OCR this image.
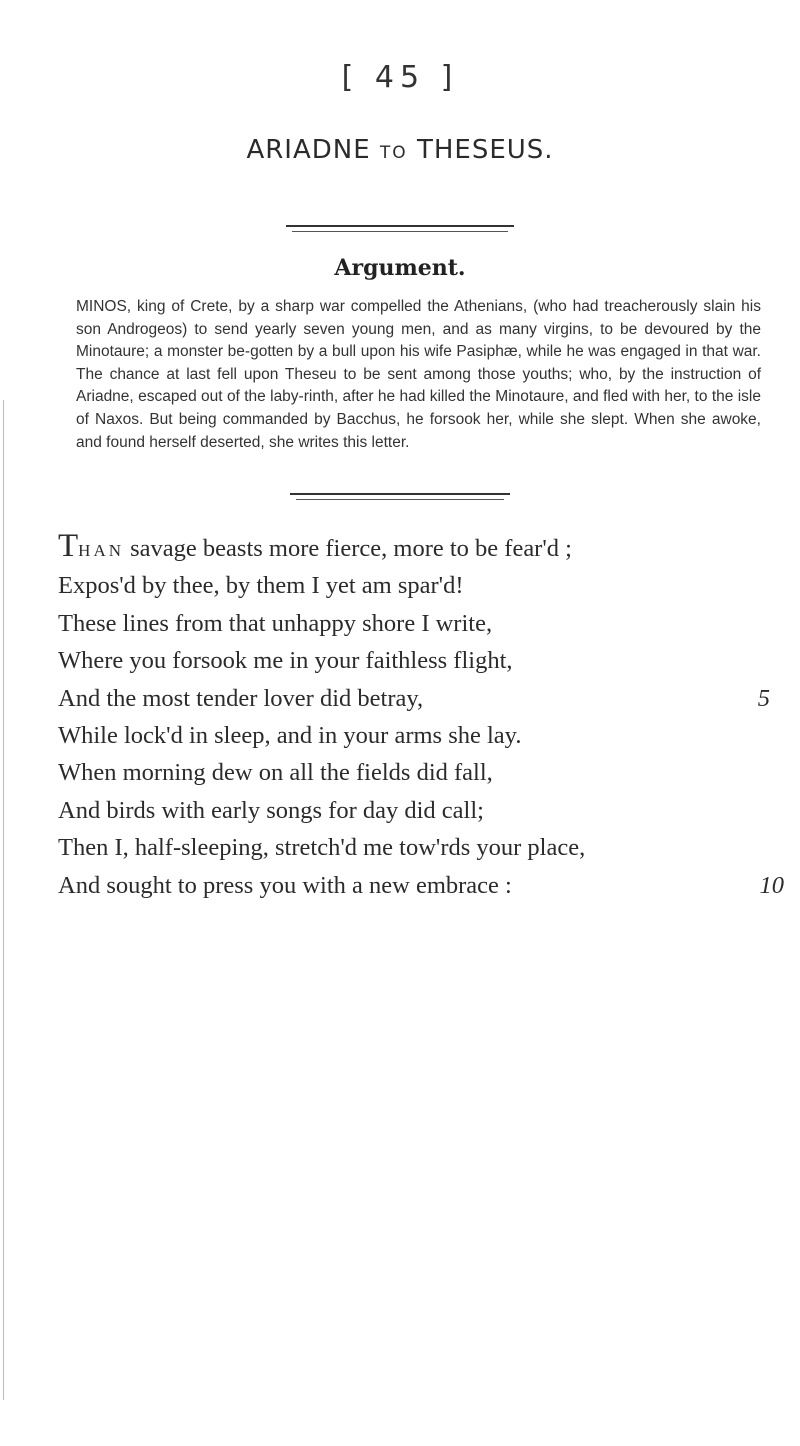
[ 45 ]
ARIADNE TO THESEUS.
Argument.
MINOS, king of Crete, by a sharp war compelled the Athenians, (who had treacherously slain his son Androgeos) to send yearly seven young men, and as many virgins, to be devoured by the Minotaure; a monster be-gotten by a bull upon his wife Pasiphæ, while he was engaged in that war. The chance at last fell upon Theseu to be sent among those youths; who, by the instruction of Ariadne, escaped out of the laby-rinth, after he had killed the Minotaure, and fled with her, to the isle of Naxos. But being commanded by Bacchus, he forsook her, while she slept. When she awoke, and found herself deserted, she writes this letter.
THAN savage beasts more fierce, more to be fear'd ;
Expos'd by thee, by them I yet am spar'd!
These lines from that unhappy shore I write,
Where you forsook me in your faithless flight,
And the most tender lover did betray,	5
While lock'd in sleep, and in your arms she lay.
When morning dew on all the fields did fall,
And birds with early songs for day did call;
Then I, half-sleeping, stretch'd me tow'rds your place,
And sought to press you with a new embrace :	10
